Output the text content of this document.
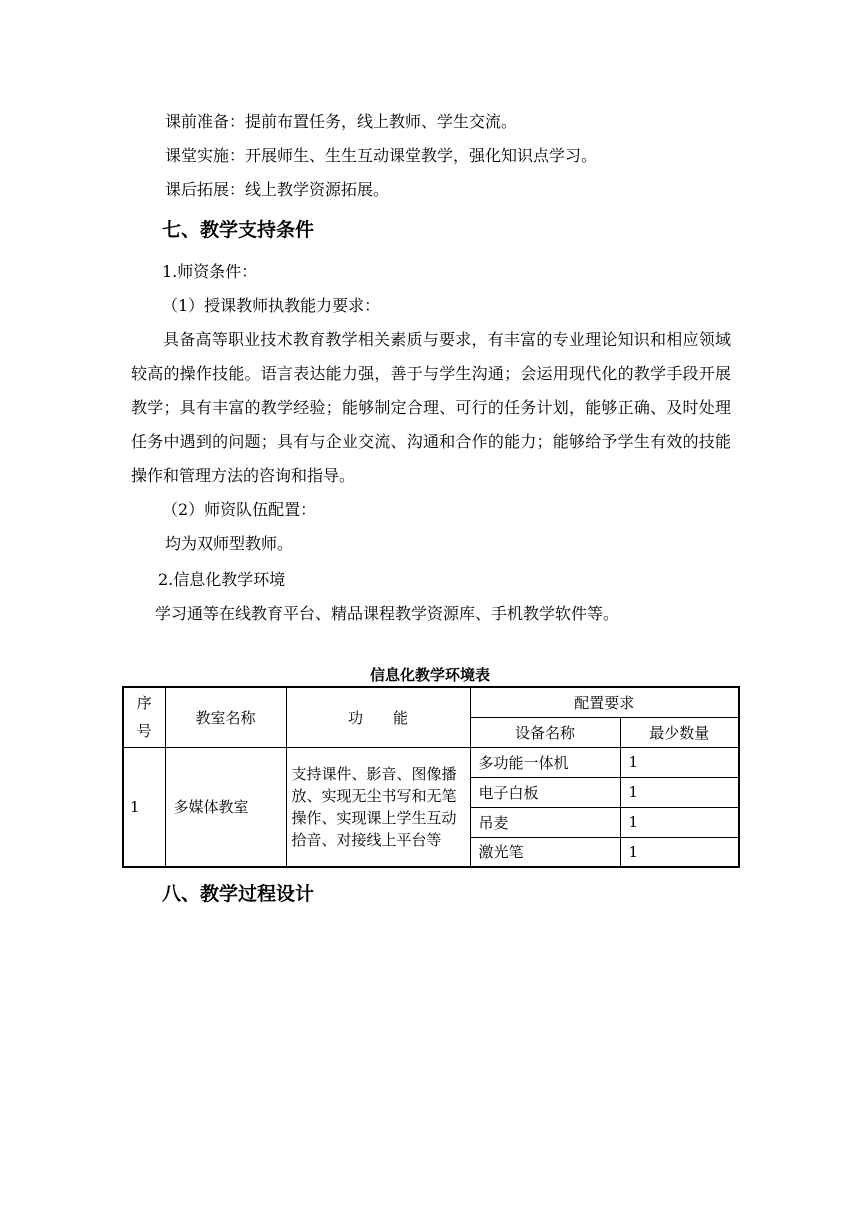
课前准备：提前布置任务，线上教师、学生交流。
课堂实施：开展师生、生生互动课堂教学，强化知识点学习。
课后拓展：线上教学资源拓展。
七、教学支持条件
1.师资条件：
（1）授课教师执教能力要求：
具备高等职业技术教育教学相关素质与要求，有丰富的专业理论知识和相应领域较高的操作技能。语言表达能力强，善于与学生沟通；会运用现代化的教学手段开展教学；具有丰富的教学经验；能够制定合理、可行的任务计划，能够正确、及时处理任务中遇到的问题；具有与企业交流、沟通和合作的能力；能够给予学生有效的技能操作和管理方法的咨询和指导。
（2）师资队伍配置：
均为双师型教师。
2.信息化教学环境
学习通等在线教育平台、精品课程教学资源库、手机教学软件等。
信息化教学环境表
序号	教室名称	功　　能	配置要求	
			设备名称	最少数量
1	多媒体教室	支持课件、影音、图像播放、实现无尘书写和无笔操作、实现课上学生互动拾音、对接线上平台等	多功能一体机	1
			电子白板	1
			吊麦	1
			激光笔	1
八、教学过程设计
